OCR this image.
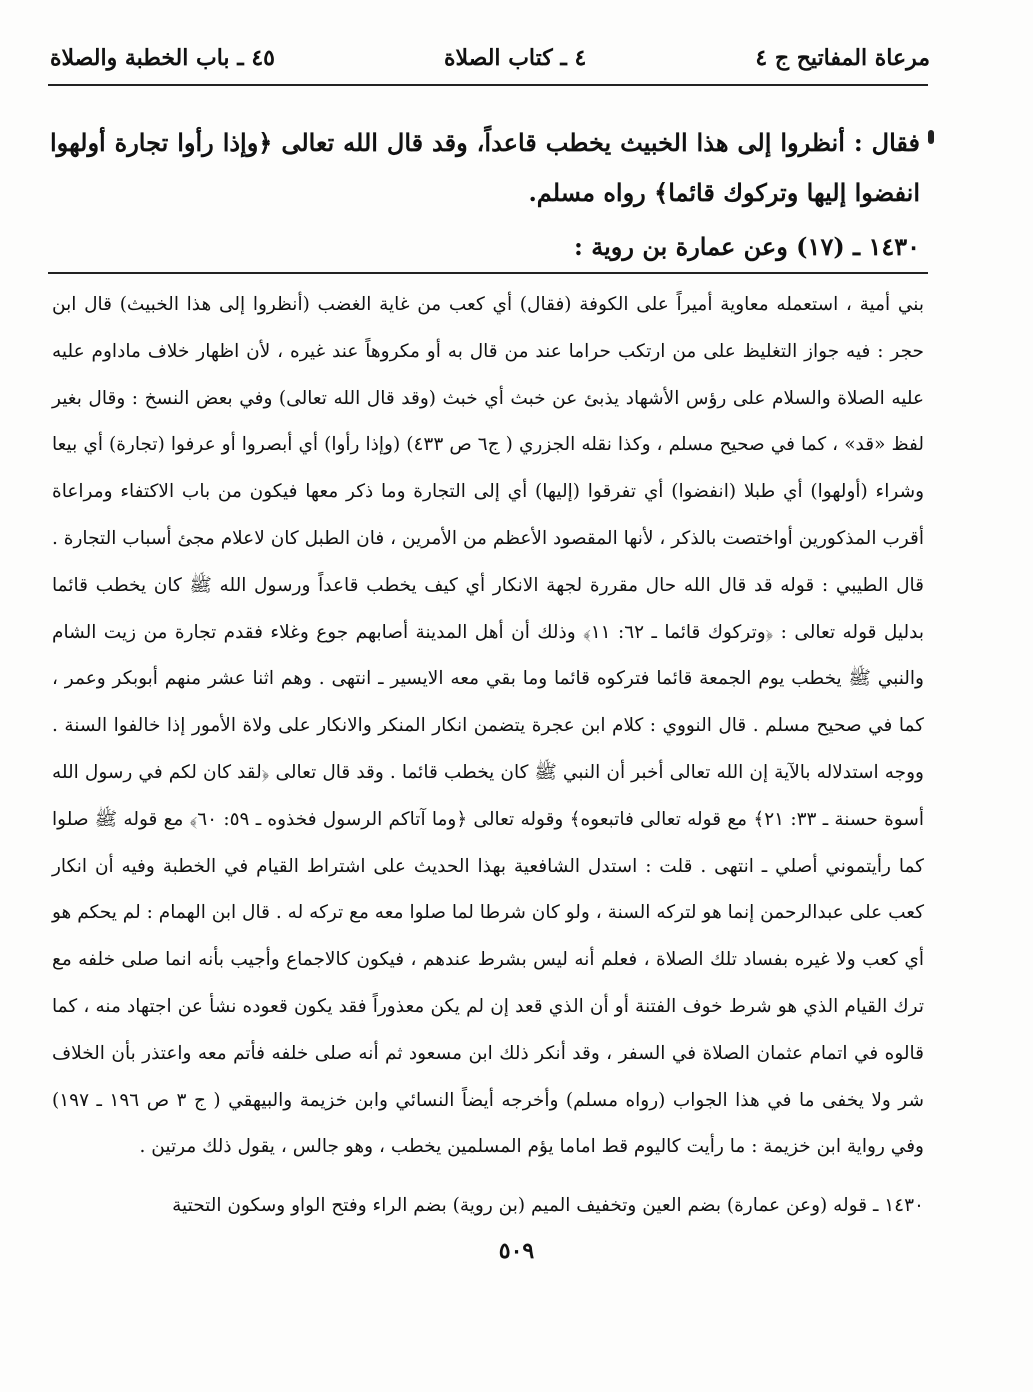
مرعاة المفاتيح ج ٤
٤ ـ كتاب الصلاة
٤٥ ـ باب الخطبة والصلاة

فقال : أنظروا إلى هذا الخبيث يخطب قاعداً، وقد قال الله تعالى ﴿وإذا رأوا تجارة أولهوا انفضوا إليها وتركوك قائما﴾ رواه مسلم.

١٤٣٠ ـ (١٧) وعن عمارة بن روية :

بني أمية ، استعمله معاوية أميراً على الكوفة (فقال) أي كعب من غاية الغضب (أنظروا إلى هذا الخبيث) قال ابن حجر : فيه جواز التغليظ على من ارتكب حراما عند من قال به أو مكروهاً عند غيره ، لأن اظهار خلاف ماداوم عليه عليه الصلاة والسلام على رؤس الأشهاد يذبئ عن خبث أي خبث (وقد قال الله تعالى) وفي بعض النسخ : وقال بغير لفظ «قد» ، كما في صحيح مسلم ، وكذا نقله الجزري ( ج٦ ص ٤٣٣) (وإذا رأوا) أي أبصروا أو عرفوا (تجارة) أي بيعا وشراء (أولهوا) أي طبلا (انفضوا) أي تفرقوا (إليها) أي إلى التجارة وما ذكر معها فيكون من باب الاكتفاء ومراعاة أقرب المذكورين أواختصت بالذكر ، لأنها المقصود الأعظم من الأمرين ، فان الطبل كان لاعلام مجئ أسباب التجارة . قال الطيبي : قوله قد قال الله حال مقررة لجهة الانكار أي كيف يخطب قاعداً ورسول الله ﷺ كان يخطب قائما بدليل قوله تعالى : ﴿وتركوك قائما ـ ٦٢: ١١﴾ وذلك أن أهل المدينة أصابهم جوع وغلاء فقدم تجارة من زيت الشام والنبي ﷺ يخطب يوم الجمعة قائما فتركوه قائما وما بقي معه الايسير ـ انتهى . وهم اثنا عشر منهم أبوبكر وعمر ، كما في صحيح مسلم . قال النووي : كلام ابن عجرة يتضمن انكار المنكر والانكار على ولاة الأمور إذا خالفوا السنة . ووجه استدلاله بالآية إن الله تعالى أخبر أن النبي ﷺ كان يخطب قائما . وقد قال تعالى ﴿لقد كان لكم في رسول الله أسوة حسنة ـ ٣٣: ٢١﴾ مع قوله تعالى فاتبعوه﴾ وقوله تعالى ﴿وما آتاكم الرسول فخذوه ـ ٥٩: ٦٠﴾ مع قوله ﷺ صلوا كما رأيتموني أصلي ـ انتهى . قلت : استدل الشافعية بهذا الحديث على اشتراط القيام في الخطبة وفيه أن انكار كعب على عبدالرحمن إنما هو لتركه السنة ، ولو كان شرطا لما صلوا معه مع تركه له . قال ابن الهمام : لم يحكم هو أي كعب ولا غيره بفساد تلك الصلاة ، فعلم أنه ليس بشرط عندهم ، فيكون كالاجماع وأجيب بأنه انما صلى خلفه مع ترك القيام الذي هو شرط خوف الفتنة أو أن الذي قعد إن لم يكن معذوراً فقد يكون قعوده نشأ عن اجتهاد منه ، كما قالوه في اتمام عثمان الصلاة في السفر ، وقد أنكر ذلك ابن مسعود ثم أنه صلى خلفه فأتم معه واعتذر بأن الخلاف شر ولا يخفى ما في هذا الجواب (رواه مسلم) وأخرجه أيضاً النسائي وابن خزيمة والبيهقي ( ج ٣ ص ١٩٦ ـ ١٩٧) وفي رواية ابن خزيمة : ما رأيت كاليوم قط اماما يؤم المسلمين يخطب ، وهو جالس ، يقول ذلك مرتين .

١٤٣٠ ـ قوله (وعن عمارة) بضم العين وتخفيف الميم (بن روية) بضم الراء وفتح الواو وسكون التحتية

٥٠٩
